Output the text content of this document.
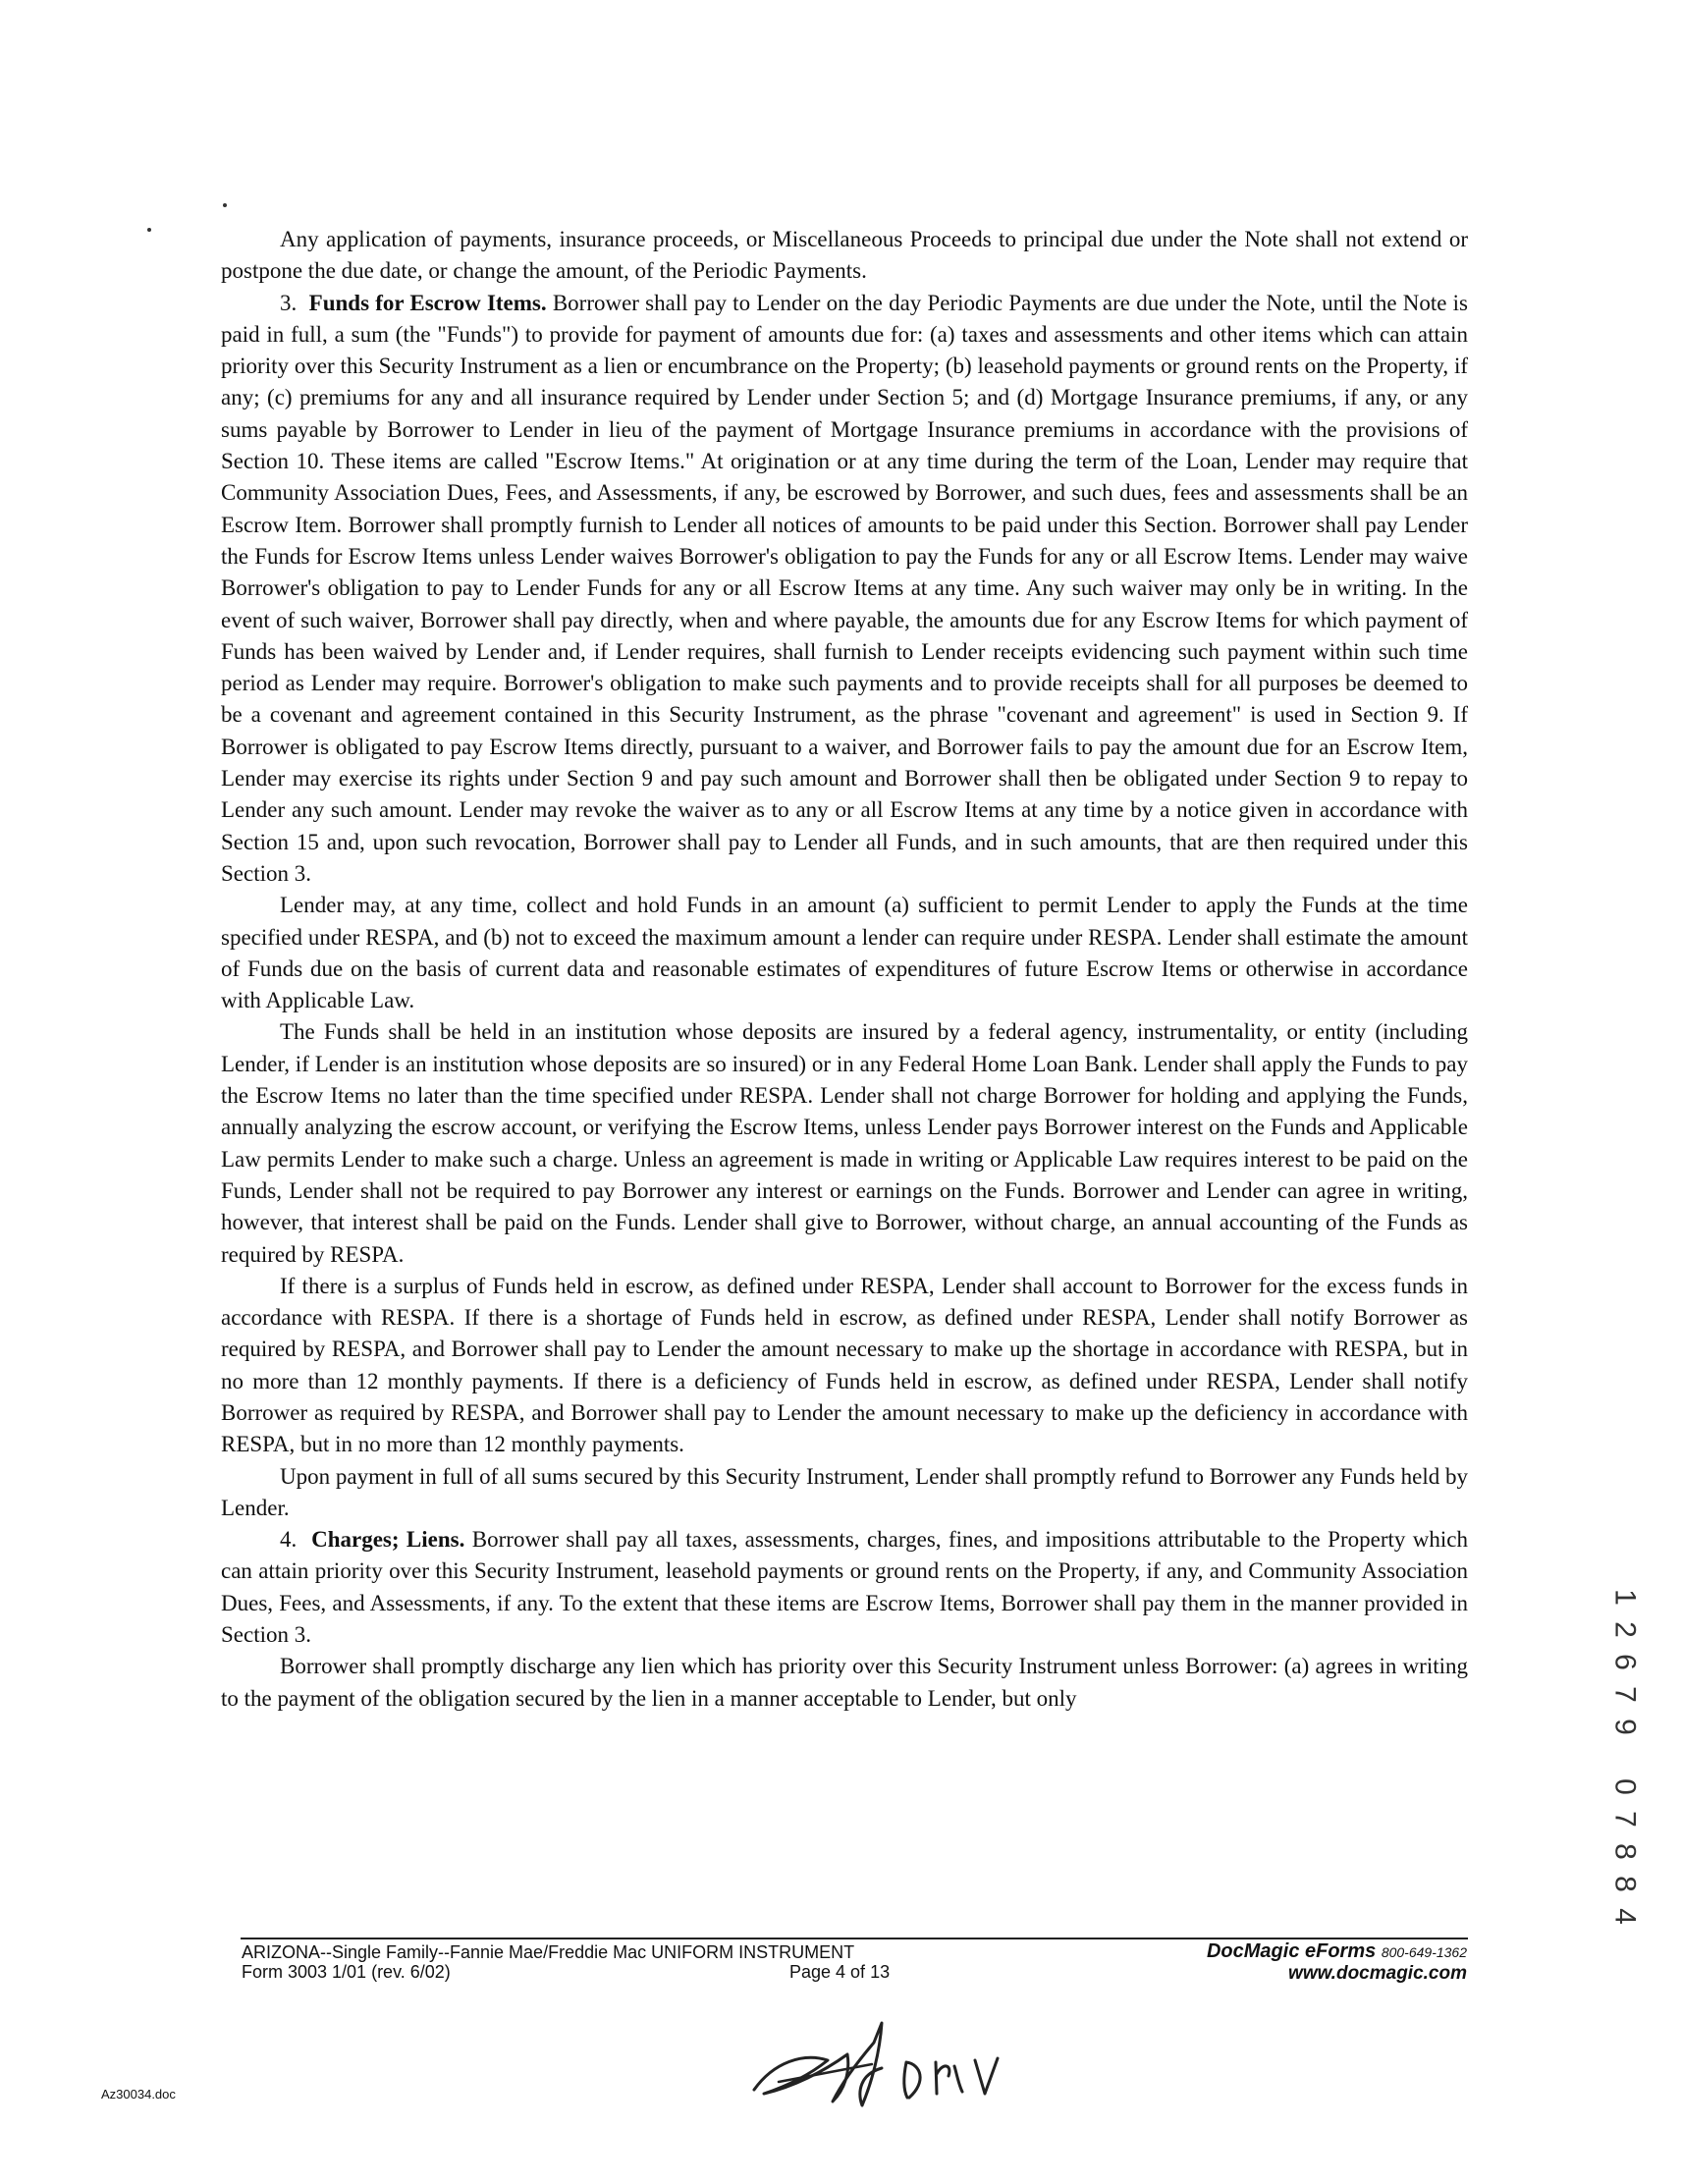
Any application of payments, insurance proceeds, or Miscellaneous Proceeds to principal due under the Note shall not extend or postpone the due date, or change the amount, of the Periodic Payments.

3. Funds for Escrow Items. Borrower shall pay to Lender on the day Periodic Payments are due under the Note, until the Note is paid in full, a sum (the "Funds") to provide for payment of amounts due for: (a) taxes and assessments and other items which can attain priority over this Security Instrument as a lien or encumbrance on the Property; (b) leasehold payments or ground rents on the Property, if any; (c) premiums for any and all insurance required by Lender under Section 5; and (d) Mortgage Insurance premiums, if any, or any sums payable by Borrower to Lender in lieu of the payment of Mortgage Insurance premiums in accordance with the provisions of Section 10. These items are called "Escrow Items." At origination or at any time during the term of the Loan, Lender may require that Community Association Dues, Fees, and Assessments, if any, be escrowed by Borrower, and such dues, fees and assessments shall be an Escrow Item. Borrower shall promptly furnish to Lender all notices of amounts to be paid under this Section. Borrower shall pay Lender the Funds for Escrow Items unless Lender waives Borrower's obligation to pay the Funds for any or all Escrow Items. Lender may waive Borrower's obligation to pay to Lender Funds for any or all Escrow Items at any time. Any such waiver may only be in writing. In the event of such waiver, Borrower shall pay directly, when and where payable, the amounts due for any Escrow Items for which payment of Funds has been waived by Lender and, if Lender requires, shall furnish to Lender receipts evidencing such payment within such time period as Lender may require. Borrower's obligation to make such payments and to provide receipts shall for all purposes be deemed to be a covenant and agreement contained in this Security Instrument, as the phrase "covenant and agreement" is used in Section 9. If Borrower is obligated to pay Escrow Items directly, pursuant to a waiver, and Borrower fails to pay the amount due for an Escrow Item, Lender may exercise its rights under Section 9 and pay such amount and Borrower shall then be obligated under Section 9 to repay to Lender any such amount. Lender may revoke the waiver as to any or all Escrow Items at any time by a notice given in accordance with Section 15 and, upon such revocation, Borrower shall pay to Lender all Funds, and in such amounts, that are then required under this Section 3.

Lender may, at any time, collect and hold Funds in an amount (a) sufficient to permit Lender to apply the Funds at the time specified under RESPA, and (b) not to exceed the maximum amount a lender can require under RESPA. Lender shall estimate the amount of Funds due on the basis of current data and reasonable estimates of expenditures of future Escrow Items or otherwise in accordance with Applicable Law.

The Funds shall be held in an institution whose deposits are insured by a federal agency, instrumentality, or entity (including Lender, if Lender is an institution whose deposits are so insured) or in any Federal Home Loan Bank. Lender shall apply the Funds to pay the Escrow Items no later than the time specified under RESPA. Lender shall not charge Borrower for holding and applying the Funds, annually analyzing the escrow account, or verifying the Escrow Items, unless Lender pays Borrower interest on the Funds and Applicable Law permits Lender to make such a charge. Unless an agreement is made in writing or Applicable Law requires interest to be paid on the Funds, Lender shall not be required to pay Borrower any interest or earnings on the Funds. Borrower and Lender can agree in writing, however, that interest shall be paid on the Funds. Lender shall give to Borrower, without charge, an annual accounting of the Funds as required by RESPA.

If there is a surplus of Funds held in escrow, as defined under RESPA, Lender shall account to Borrower for the excess funds in accordance with RESPA. If there is a shortage of Funds held in escrow, as defined under RESPA, Lender shall notify Borrower as required by RESPA, and Borrower shall pay to Lender the amount necessary to make up the shortage in accordance with RESPA, but in no more than 12 monthly payments. If there is a deficiency of Funds held in escrow, as defined under RESPA, Lender shall notify Borrower as required by RESPA, and Borrower shall pay to Lender the amount necessary to make up the deficiency in accordance with RESPA, but in no more than 12 monthly payments.

Upon payment in full of all sums secured by this Security Instrument, Lender shall promptly refund to Borrower any Funds held by Lender.

4. Charges; Liens. Borrower shall pay all taxes, assessments, charges, fines, and impositions attributable to the Property which can attain priority over this Security Instrument, leasehold payments or ground rents on the Property, if any, and Community Association Dues, Fees, and Assessments, if any. To the extent that these items are Escrow Items, Borrower shall pay them in the manner provided in Section 3.

Borrower shall promptly discharge any lien which has priority over this Security Instrument unless Borrower: (a) agrees in writing to the payment of the obligation secured by the lien in a manner acceptable to Lender, but only

ARIZONA--Single Family--Fannie Mae/Freddie Mac UNIFORM INSTRUMENT
Form 3003 1/01 (rev. 6/02)	Page 4 of 13
DocMagic eForms 800-649-1362
www.docmagic.com
Az30034.doc
1
2
6
7
9
0
7
8
8
4
